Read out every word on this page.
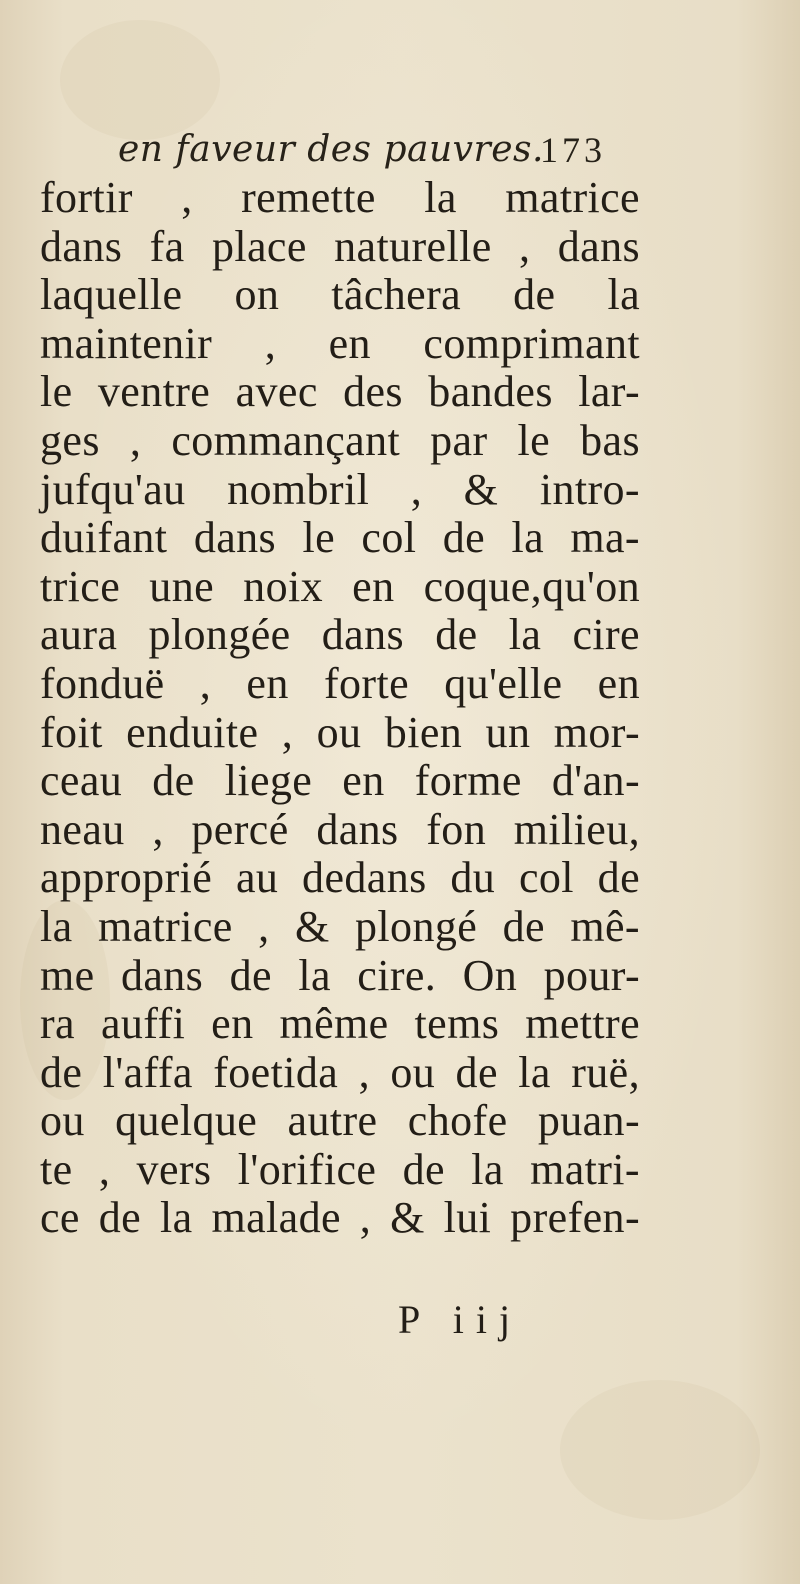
en faveur des pauvres.
173
fortir , remette la matrice
dans fa place naturelle , dans
laquelle on tâchera de la
maintenir , en comprimant
le ventre avec des bandes lar-
ges , commançant par le bas
jufqu'au nombril , & intro-
duifant dans le col de la ma-
trice une noix en coque,qu'on
aura plongée dans de la cire
fonduë , en forte qu'elle en
foit enduite , ou bien un mor-
ceau de liege en forme d'an-
neau , percé dans fon milieu,
approprié au dedans du col de
la matrice , & plongé de mê-
me dans de la cire. On pour-
ra auffi en même tems mettre
de l'affa foetida , ou de la ruë,
ou quelque autre chofe puan-
te , vers l'orifice de la matri-
ce de la malade , & lui prefen-
P iij
